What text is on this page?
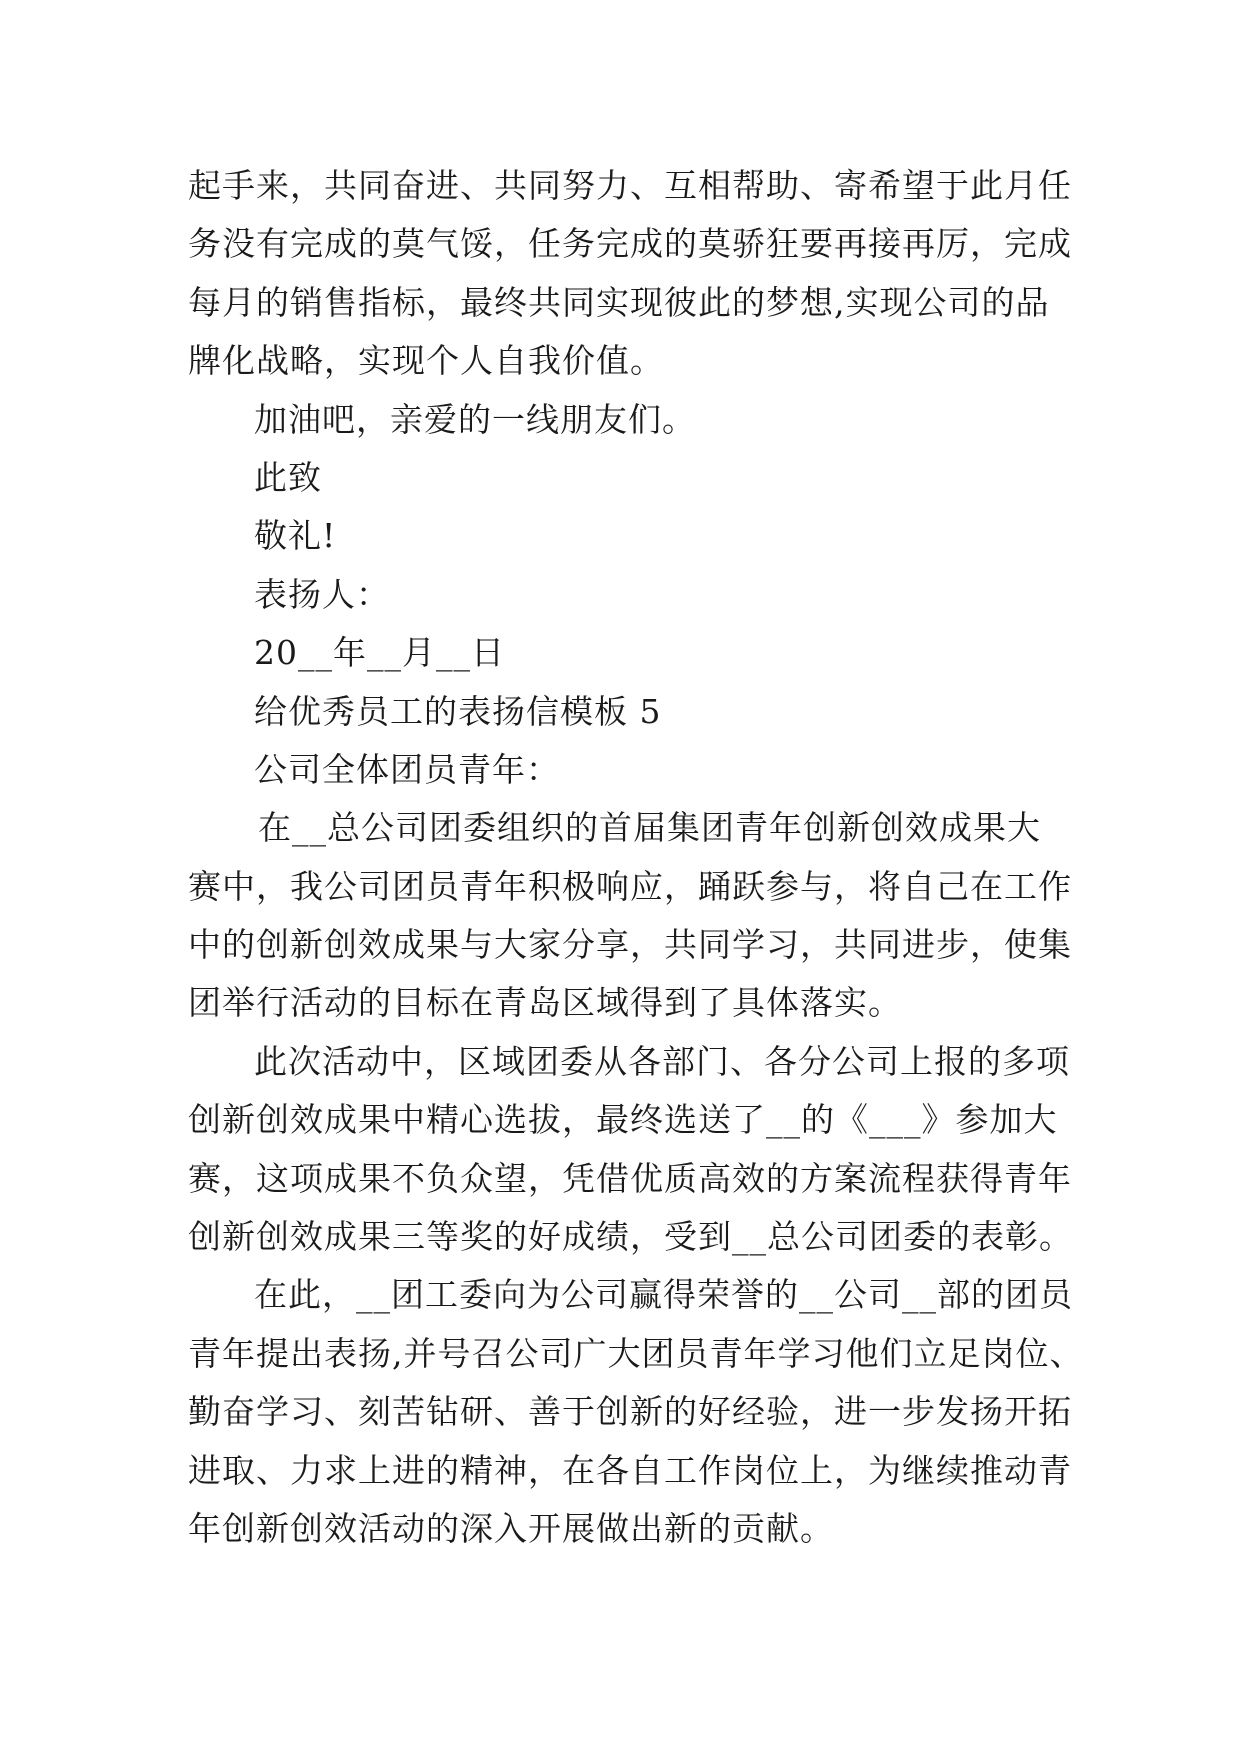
起手来，共同奋进、共同努力、互相帮助、寄希望于此月任
务没有完成的莫气馁，任务完成的莫骄狂要再接再厉，完成
每月的销售指标，最终共同实现彼此的梦想,实现公司的品
牌化战略，实现个人自我价值。
加油吧，亲爱的一线朋友们。
此致
敬礼!
表扬人：
20__年__月__日
给优秀员工的表扬信模板 5
公司全体团员青年：
在__总公司团委组织的首届集团青年创新创效成果大
赛中，我公司团员青年积极响应，踊跃参与，将自己在工作
中的创新创效成果与大家分享，共同学习，共同进步，使集
团举行活动的目标在青岛区域得到了具体落实。
此次活动中，区域团委从各部门、各分公司上报的多项
创新创效成果中精心选拔，最终选送了__的《___》参加大
赛，这项成果不负众望，凭借优质高效的方案流程获得青年
创新创效成果三等奖的好成绩，受到__总公司团委的表彰。
在此，__团工委向为公司赢得荣誉的__公司__部的团员
青年提出表扬,并号召公司广大团员青年学习他们立足岗位、
勤奋学习、刻苦钻研、善于创新的好经验，进一步发扬开拓
进取、力求上进的精神，在各自工作岗位上，为继续推动青
年创新创效活动的深入开展做出新的贡献。
